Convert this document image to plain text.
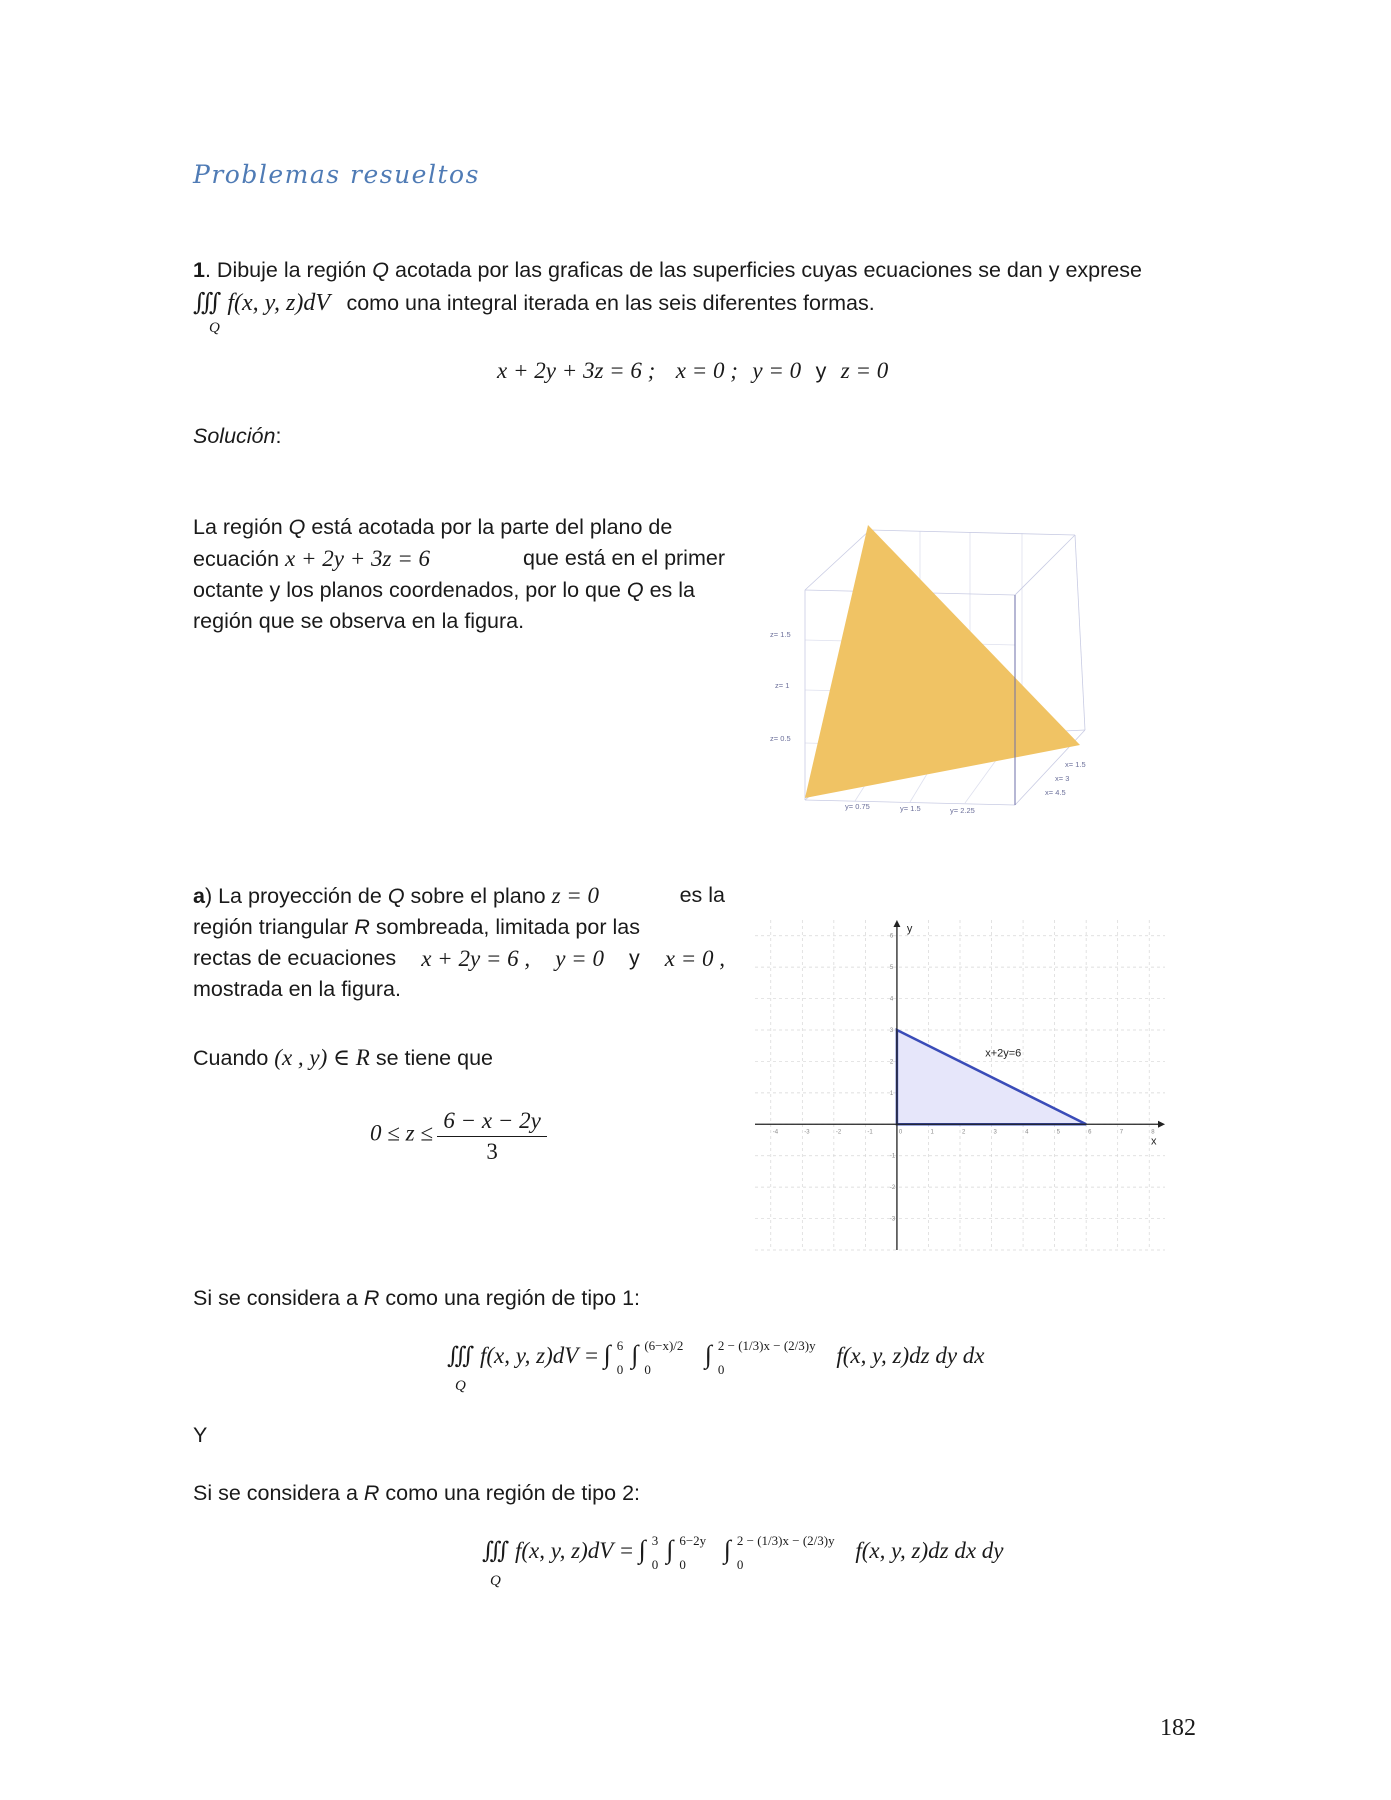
Problemas resueltos
1. Dibuje la región Q acotada por las graficas de las superficies cuyas ecuaciones se dan y exprese
∭ f(x, y, z)dV como una integral iterada en las seis diferentes formas.
Q
x + 2y + 3z = 6 ; x = 0 ; y = 0 y z = 0
Solución:
La región Q está acotada por la parte del plano de
ecuación x + 2y + 3z = 6	que está en el primer
octante y los planos coordenados, por lo que Q es la
región que se observa en la figura.
z= 1.5
z= 1
z= 0.5
x= 1.5
x= 3
x= 4.5
y= 0.75	y= 1.5	y= 2.25
a) La proyección de Q sobre el plano z = 0	es la
región triangular R sombreada, limitada por las
rectas de ecuaciones x + 2y = 6 , y = 0 y x = 0 ,
mostrada en la figura.
Cuando (x , y) ∈ R se tiene que
$0 \le z \le \frac{6 - x - 2y}{3}$	-4	-3	-2	-1	0	1	2	3	4	5	6	7	8
6
5
4
3
2
1
-1
-2
-3
y
x
x+2y=6
Si se considera a R como una región de tipo 1:
∭ f(x, y, z)dV = ∫ 6
0
∫ (6−x)/2
0
∫ 2 − (1/3)x − (2/3)y
0
f(x, y, z)dz dy dx
Q
Y
Si se considera a R como una región de tipo 2:
∭ f(x, y, z)dV = ∫ 3
0
∫ 6−2y
0
∫ 2 − (1/3)x − (2/3)y
0
f(x, y, z)dz dx dy
Q
182
